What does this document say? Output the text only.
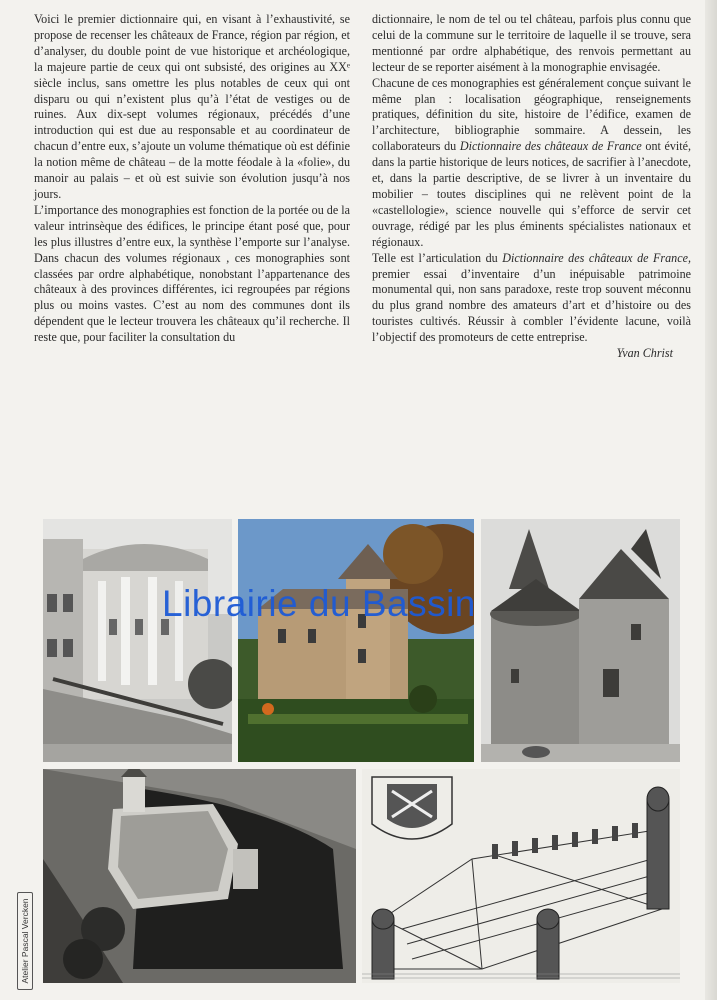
Voici le premier dictionnaire qui, en visant à l’exhaustivité, se propose de recenser les châteaux de France, région par région, et d’analyser, du double point de vue historique et archéologique, la majeure partie de ceux qui ont subsisté, des origines au XXᵉ siècle inclus, sans omettre les plus notables de ceux qui ont disparu ou qui n’existent plus qu’à l’état de vestiges ou de ruines. Aux dix-sept volumes régionaux, précédés d’une introduction qui est due au responsable et au coordinateur de chacun d’entre eux, s’ajoute un volume thématique où est définie la notion même de château – de la motte féodale à la «folie», du manoir au palais – et où est suivie son évolution jusqu’à nos jours.

L’importance des monographies est fonction de la portée ou de la valeur intrinsèque des édifices, le principe étant posé que, pour les plus illustres d’entre eux, la synthèse l’emporte sur l’analyse. Dans chacun des volumes régionaux , ces monographies sont classées par ordre alphabétique, nonobstant l’appartenance des châteaux à des provinces différentes, ici regroupées par régions plus ou moins vastes. C’est au nom des communes dont ils dépendent que le lecteur trouvera les châteaux qu’il recherche. Il reste que, pour faciliter la consultation du

dictionnaire, le nom de tel ou tel château, parfois plus connu que celui de la commune sur le territoire de laquelle il se trouve, sera mentionné par ordre alphabétique, des renvois permettant au lecteur de se reporter aisément à la monographie envisagée.

Chacune de ces monographies est généralement conçue suivant le même plan : localisation géographique, renseignements pratiques, définition du site, histoire de l’édifice, examen de l’architecture, bibliographie sommaire. A dessein, les collaborateurs du Dictionnaire des châteaux de France ont évité, dans la partie historique de leurs notices, de sacrifier à l’anecdote, et, dans la partie descriptive, de se livrer à un inventaire du mobilier – toutes disciplines qui ne relèvent point de la «castellologie», science nouvelle qui s’efforce de servir cet ouvrage, rédigé par les plus éminents spécialistes nationaux et régionaux.

Telle est l’articulation du Dictionnaire des châteaux de France, premier essai d’inventaire d’un inépuisable patrimoine monumental qui, non sans paradoxe, reste trop souvent méconnu du plus grand nombre des amateurs d’art et d’histoire ou des touristes cultivés. Réussir à combler l’évidente lacune, voilà l’objectif des promoteurs de cette entreprise.

Yvan Christ

Librairie du Bassin
Atelier Pascal Vercken
